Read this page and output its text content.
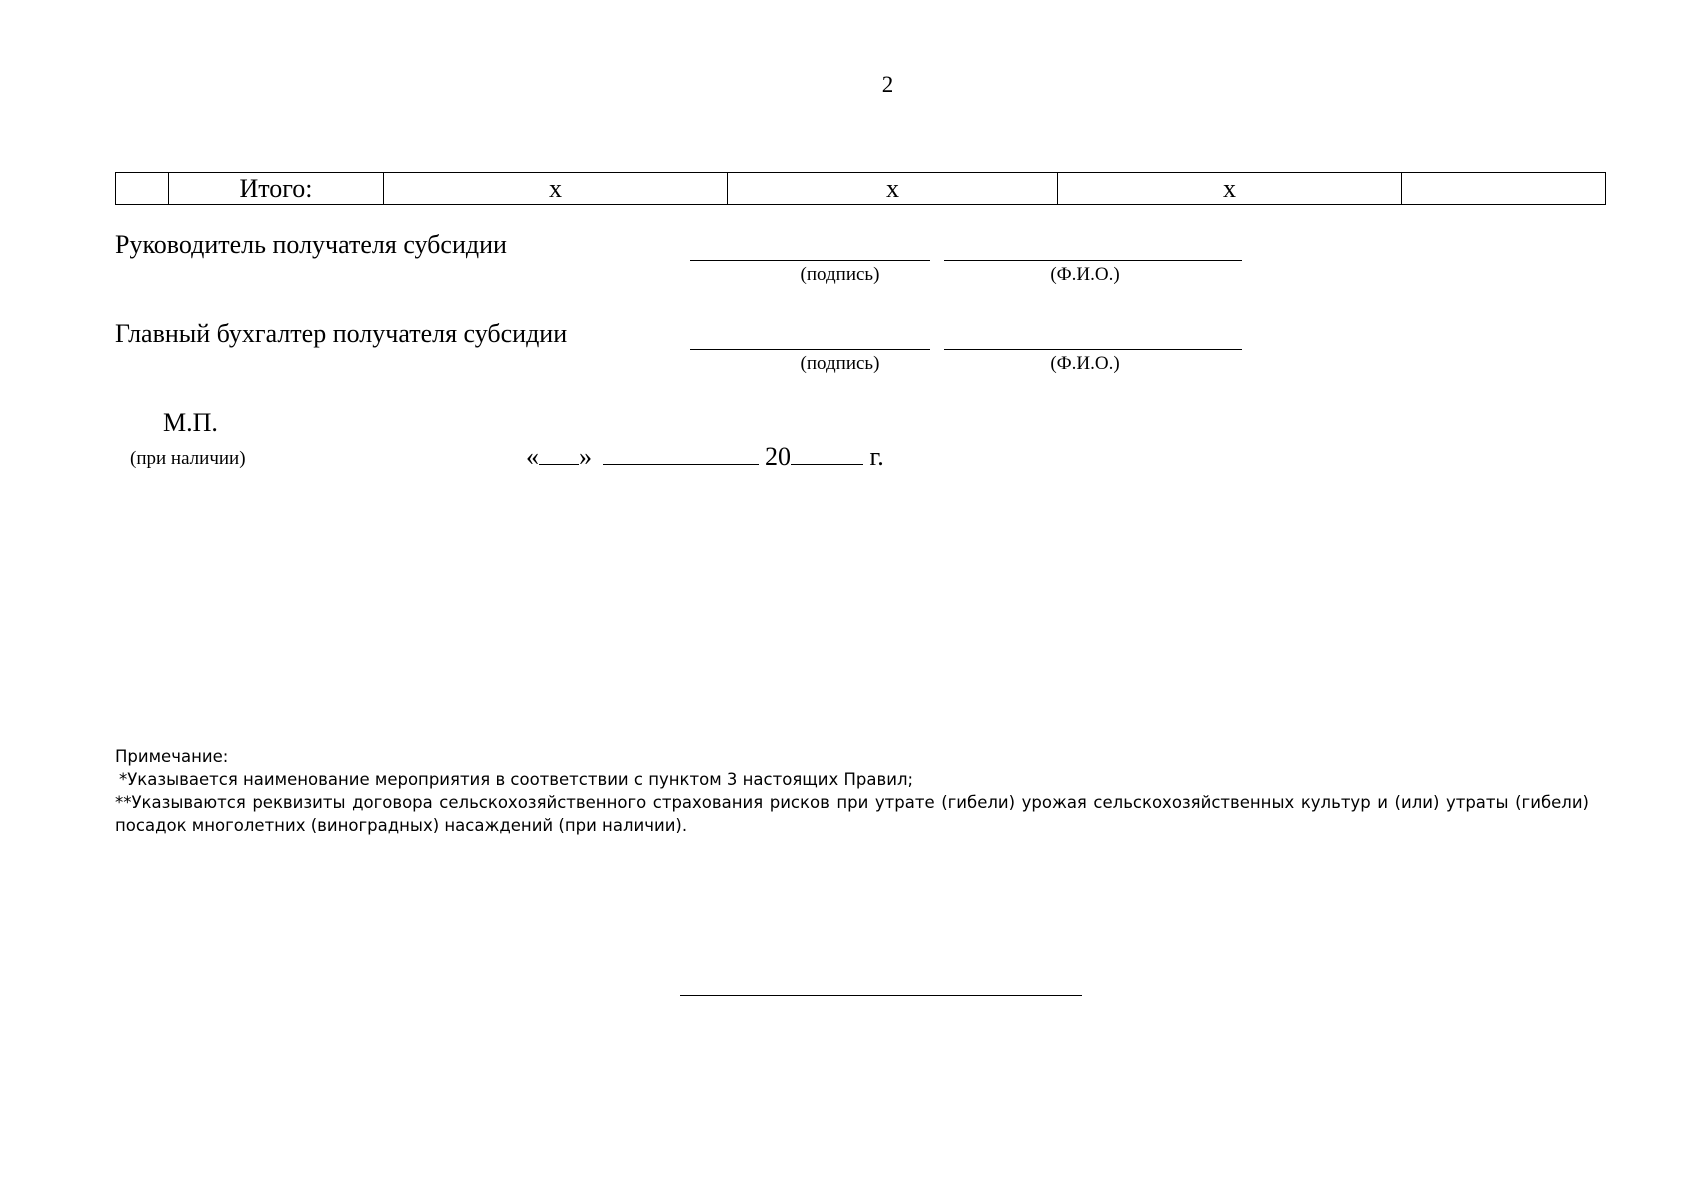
2
	Итого:	х	х	х	
Руководитель получателя субсидии
(подпись)	(Ф.И.О.)
Главный бухгалтер получателя субсидии
(подпись)	(Ф.И.О.)
М.П.
(при наличии)	« »	20	г.

Примечание:

*Указывается наименование мероприятия в соответствии с пунктом 3 настоящих Правил;

**Указываются реквизиты договора сельскохозяйственного страхования рисков при утрате (гибели) урожая сельскохозяйственных культур и (или) утраты (гибели) посадок многолетних (виноградных) насаждений (при наличии).
